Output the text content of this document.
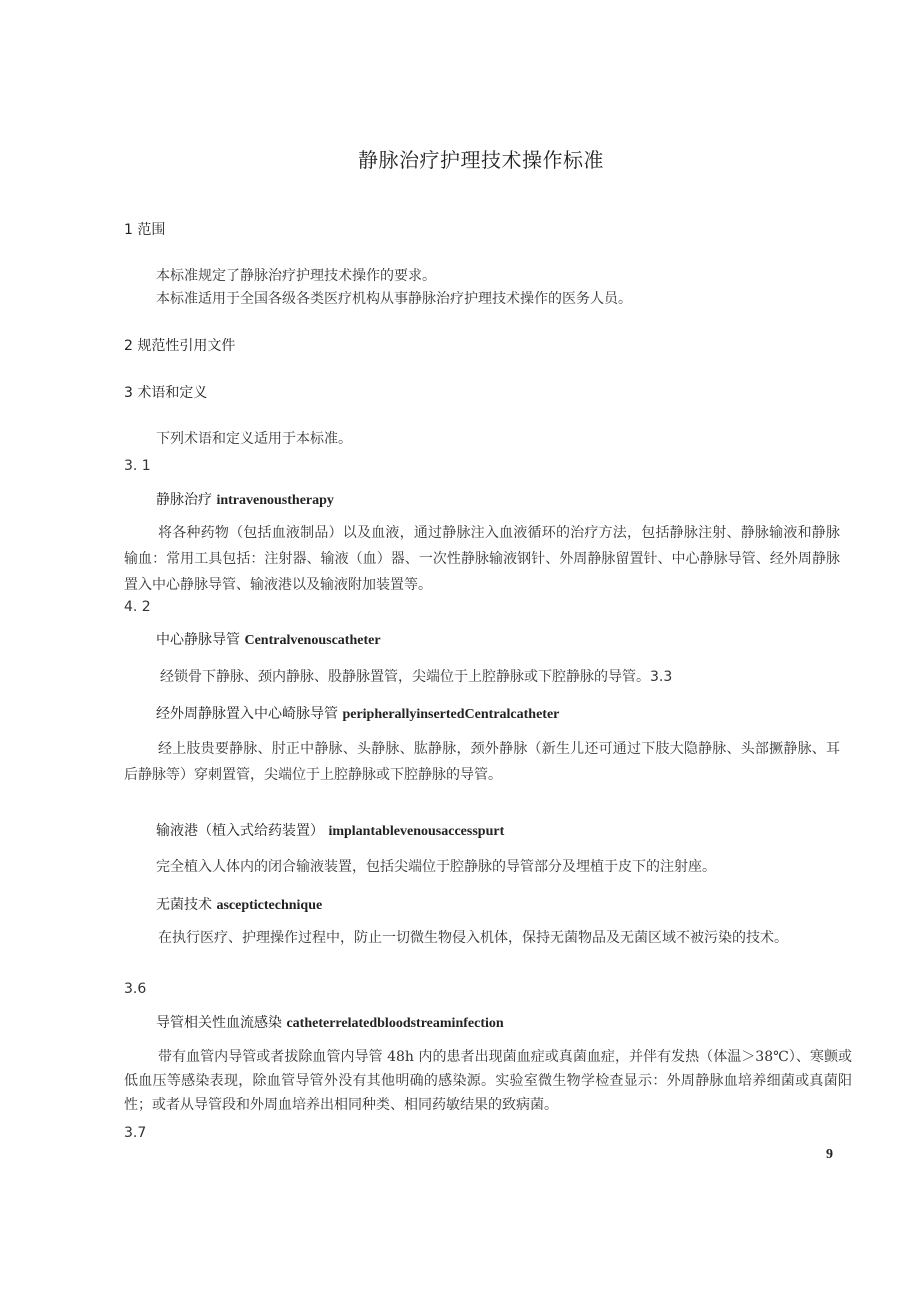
静脉治疗护理技术操作标准
1 范围
本标准规定了静脉治疗护理技术操作的要求。
本标准适用于全国各级各类医疗机构从事静脉治疗护理技术操作的医务人员。
2 规范性引用文件
3 术语和定义
下列术语和定义适用于本标准。
3. 1
静脉治疗 intravenoustherapy

将各种药物（包括血液制品）以及血液，通过静脉注入血液循环的治疗方法，包括静脉注射、静脉输液和静脉输血：常用工具包括：注射器、输液（血）器、一次性静脉输液钢针、外周静脉留置针、中心静脉导管、经外周静脉置入中心静脉导管、输液港以及输液附加装置等。

4. 2
中心静脉导管 Centralvenouscatheter
经锁骨下静脉、颈内静脉、股静脉置管，尖端位于上腔静脉或下腔静脉的导管。3.3
经外周静脉置入中心崎脉导管 peripherallyinsertedCentralcatheter

经上肢贵要静脉、肘正中静脉、头静脉、肱静脉，颈外静脉（新生儿还可通过下肢大隐静脉、头部撅静脉、耳后静脉等）穿刺置管，尖端位于上腔静脉或下腔静脉的导管。

输液港（植入式给药装置） implantablevenousaccesspurt
完全植入人体内的闭合输液装置，包括尖端位于腔静脉的导管部分及埋植于皮下的注射座。
无菌技术 asceptictechnique

在执行医疗、护理操作过程中，防止一切微生物侵入机体，保持无菌物品及无菌区域不被污染的技术。

3.6
导管相关性血流感染 catheterrelatedbloodstreaminfection

带有血管内导管或者拔除血管内导管 48h 内的患者出现菌血症或真菌血症，并伴有发热（体温＞38℃）、寒颤或低血压等感染表现，除血管导管外没有其他明确的感染源。实验室微生物学检查显示：外周静脉血培养细菌或真菌阳性；或者从导管段和外周血培养出相同种类、相同药敏结果的致病菌。

3.7
9
